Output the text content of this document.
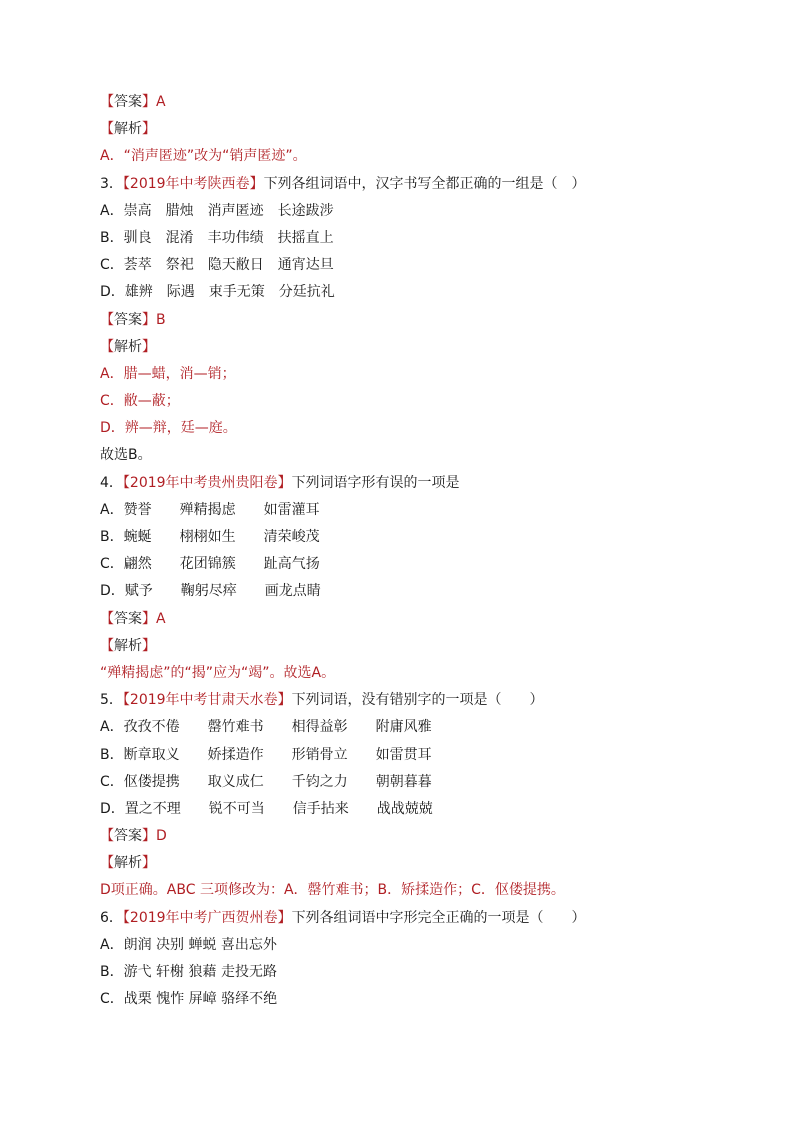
【答案】A
【解析】
A．“消声匿迹”改为“销声匿迹”。
3．【2019年中考陕西卷】下列各组词语中，汉字书写全都正确的一组是（　）
A．崇高　腊烛　消声匿迹　长途跋涉
B．驯良　混淆　丰功伟绩　扶摇直上
C．荟萃　祭祀　隐天敝日　通宵达旦
D．雄辨　际遇　束手无策　分廷抗礼
【答案】B
【解析】
A．腊—蜡，消—销；
C．敝—蔽；
D．辨—辩，廷—庭。
故选B。
4．【2019年中考贵州贵阳卷】下列词语字形有误的一项是
A．赞誉　　殚精揭虑　　如雷灌耳
B．蜿蜒　　栩栩如生　　清荣峻茂
C．翩然　　花团锦簇　　趾高气扬
D．赋予　　鞠躬尽瘁　　画龙点睛
【答案】A
【解析】
“殚精揭虑”的“揭”应为“竭”。故选A。
5．【2019年中考甘肃天水卷】下列词语，没有错别字的一项是（　　）
A．孜孜不倦　　罄竹难书　　相得益彰　　附庸风雅
B．断章取义　　娇揉造作　　形销骨立　　如雷贯耳
C．伛偻提携　　取义成仁　　千钧之力　　朝朝暮暮
D．置之不理　　锐不可当　　信手拈来　　战战兢兢
【答案】D
【解析】
D项正确。ABC 三项修改为：A．罄竹难书；B．矫揉造作；C．伛偻提携。
6．【2019年中考广西贺州卷】下列各组词语中字形完全正确的一项是（　　）
A．朗润 决别 蝉蜕 喜出忘外
B．游弋 轩榭 狼藉 走投无路
C．战栗 愧怍 屏嶂 骆绎不绝
